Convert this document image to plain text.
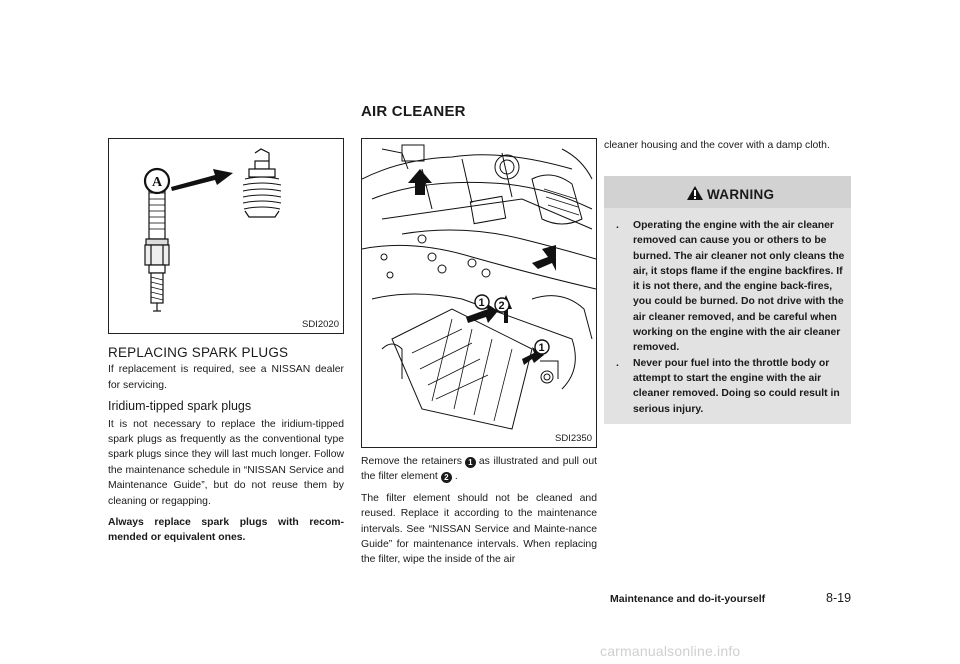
AIR CLEANER
A
SDI2020
REPLACING SPARK PLUGS

If replacement is required, see a NISSAN dealer for servicing.

Iridium-tipped spark plugs

It is not necessary to replace the iridium-tipped spark plugs as frequently as the conventional type spark plugs since they will last much longer. Follow the maintenance schedule in “NISSAN Service and Maintenance Guide”, but do not reuse them by cleaning or regapping.

Always replace spark plugs with recom-mended or equivalent ones.

1 2
1
SDI2350

Remove the retainers 1 as illustrated and pull out the filter element 2 .

The filter element should not be cleaned and reused. Replace it according to the maintenance intervals. See “NISSAN Service and Mainte-nance Guide” for maintenance intervals. When replacing the filter, wipe the inside of the air

cleaner housing and the cover with a damp cloth.

WARNING
. Operating the engine with the air cleaner removed can cause you or others to be burned. The air cleaner not only cleans the air, it stops flame if the engine backfires. If it is not there, and the engine back-fires, you could be burned. Do not drive with the air cleaner removed, and be careful when working on the engine with the air cleaner removed.
. Never pour fuel into the throttle body or attempt to start the engine with the air cleaner removed. Doing so could result in serious injury.
Maintenance and do-it-yourself	8-19
carmanualsonline.info
